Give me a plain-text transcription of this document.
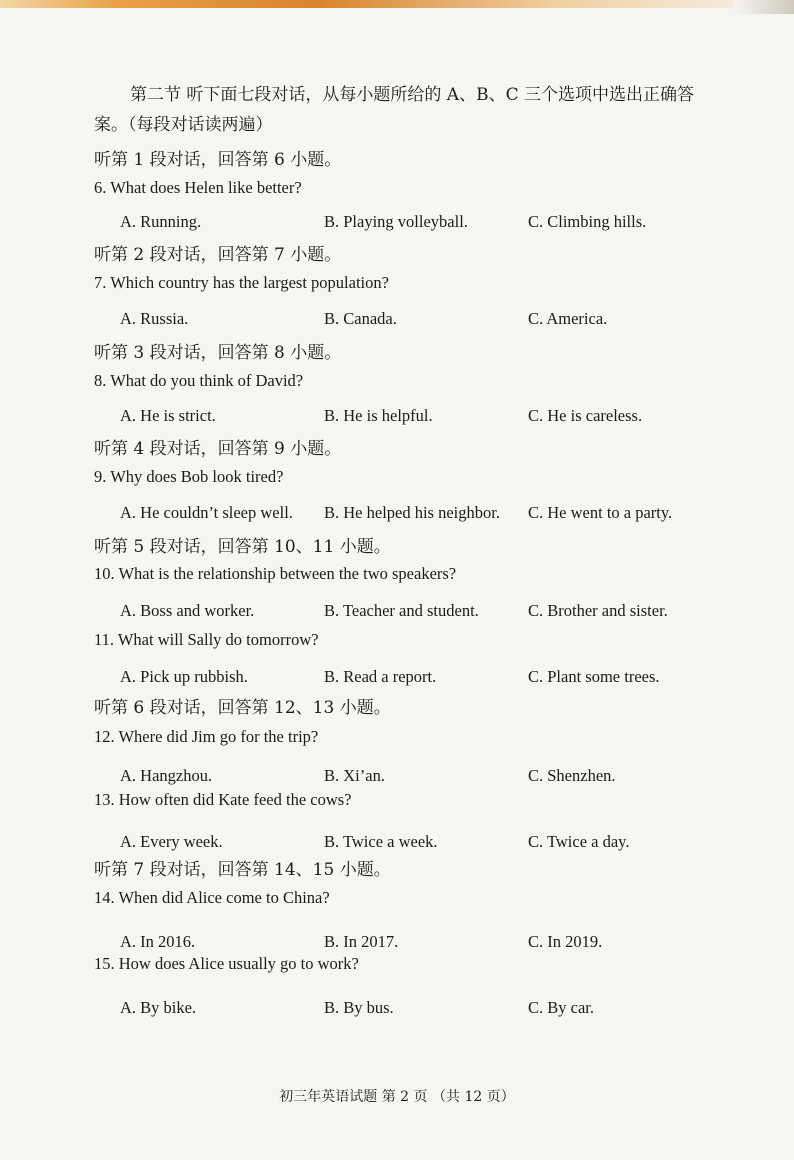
第二节 听下面七段对话，从每小题所给的 A、B、C 三个选项中选出正确答
案。（每段对话读两遍）
听第 1 段对话，回答第 6 小题。
6. What does Helen like better?
A. Running.	B. Playing volleyball.	C. Climbing hills.
听第 2 段对话，回答第 7 小题。
7. Which country has the largest population?
A. Russia.	B. Canada.	C. America.
听第 3 段对话，回答第 8 小题。
8. What do you think of David?
A. He is strict.	B. He is helpful.	C. He is careless.
听第 4 段对话，回答第 9 小题。
9. Why does Bob look tired?
A. He couldn’t sleep well. B. He helped his neighbor. C. He went to a party.
听第 5 段对话，回答第 10、11 小题。
10. What is the relationship between the two speakers?
A. Boss and worker.	B. Teacher and student.	C. Brother and sister.
11. What will Sally do tomorrow?
A. Pick up rubbish.	B. Read a report.	C. Plant some trees.
听第 6 段对话，回答第 12、13 小题。
12. Where did Jim go for the trip?
A. Hangzhou.	B. Xi’an.	C. Shenzhen.
13. How often did Kate feed the cows?
A. Every week.	B. Twice a week.	C. Twice a day.
听第 7 段对话，回答第 14、15 小题。
14. When did Alice come to China?
A. In 2016.	B. In 2017.	C. In 2019.
15. How does Alice usually go to work?
A. By bike.	B. By bus.	C. By car.
初三年英语试题 第 2 页 （共 12 页）
